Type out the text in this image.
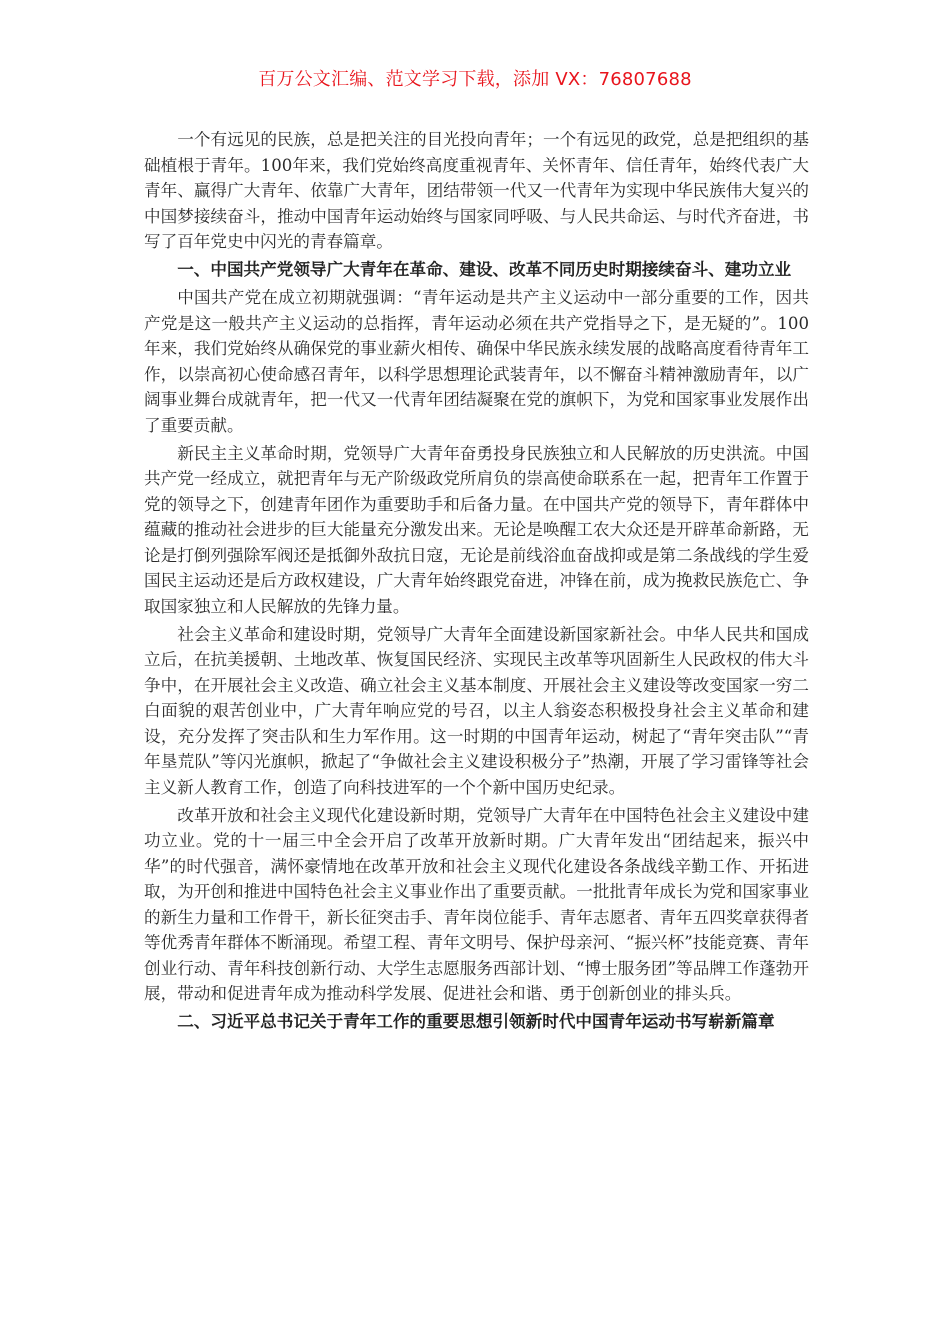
百万公文汇编、范文学习下载，添加 VX：76807688

一个有远见的民族，总是把关注的目光投向青年；一个有远见的政党，总是把组织的基础植根于青年。100年来，我们党始终高度重视青年、关怀青年、信任青年，始终代表广大青年、赢得广大青年、依靠广大青年，团结带领一代又一代青年为实现中华民族伟大复兴的中国梦接续奋斗，推动中国青年运动始终与国家同呼吸、与人民共命运、与时代齐奋进，书写了百年党史中闪光的青春篇章。

一、中国共产党领导广大青年在革命、建设、改革不同历史时期接续奋斗、建功立业

中国共产党在成立初期就强调：“青年运动是共产主义运动中一部分重要的工作，因共产党是这一般共产主义运动的总指挥，青年运动必须在共产党指导之下，是无疑的”。100年来，我们党始终从确保党的事业薪火相传、确保中华民族永续发展的战略高度看待青年工作，以崇高初心使命感召青年，以科学思想理论武装青年，以不懈奋斗精神激励青年，以广阔事业舞台成就青年，把一代又一代青年团结凝聚在党的旗帜下，为党和国家事业发展作出了重要贡献。

新民主主义革命时期，党领导广大青年奋勇投身民族独立和人民解放的历史洪流。中国共产党一经成立，就把青年与无产阶级政党所肩负的崇高使命联系在一起，把青年工作置于党的领导之下，创建青年团作为重要助手和后备力量。在中国共产党的领导下，青年群体中蕴藏的推动社会进步的巨大能量充分激发出来。无论是唤醒工农大众还是开辟革命新路，无论是打倒列强除军阀还是抵御外敌抗日寇，无论是前线浴血奋战抑或是第二条战线的学生爱国民主运动还是后方政权建设，广大青年始终跟党奋进，冲锋在前，成为挽救民族危亡、争取国家独立和人民解放的先锋力量。

社会主义革命和建设时期，党领导广大青年全面建设新国家新社会。中华人民共和国成立后，在抗美援朝、土地改革、恢复国民经济、实现民主改革等巩固新生人民政权的伟大斗争中，在开展社会主义改造、确立社会主义基本制度、开展社会主义建设等改变国家一穷二白面貌的艰苦创业中，广大青年响应党的号召，以主人翁姿态积极投身社会主义革命和建设，充分发挥了突击队和生力军作用。这一时期的中国青年运动，树起了“青年突击队”“青年垦荒队”等闪光旗帜，掀起了“争做社会主义建设积极分子”热潮，开展了学习雷锋等社会主义新人教育工作，创造了向科技进军的一个个新中国历史纪录。

改革开放和社会主义现代化建设新时期，党领导广大青年在中国特色社会主义建设中建功立业。党的十一届三中全会开启了改革开放新时期。广大青年发出“团结起来，振兴中华”的时代强音，满怀豪情地在改革开放和社会主义现代化建设各条战线辛勤工作、开拓进取，为开创和推进中国特色社会主义事业作出了重要贡献。一批批青年成长为党和国家事业的新生力量和工作骨干，新长征突击手、青年岗位能手、青年志愿者、青年五四奖章获得者等优秀青年群体不断涌现。希望工程、青年文明号、保护母亲河、“振兴杯”技能竞赛、青年创业行动、青年科技创新行动、大学生志愿服务西部计划、“博士服务团”等品牌工作蓬勃开展，带动和促进青年成为推动科学发展、促进社会和谐、勇于创新创业的排头兵。

二、习近平总书记关于青年工作的重要思想引领新时代中国青年运动书写崭新篇章
